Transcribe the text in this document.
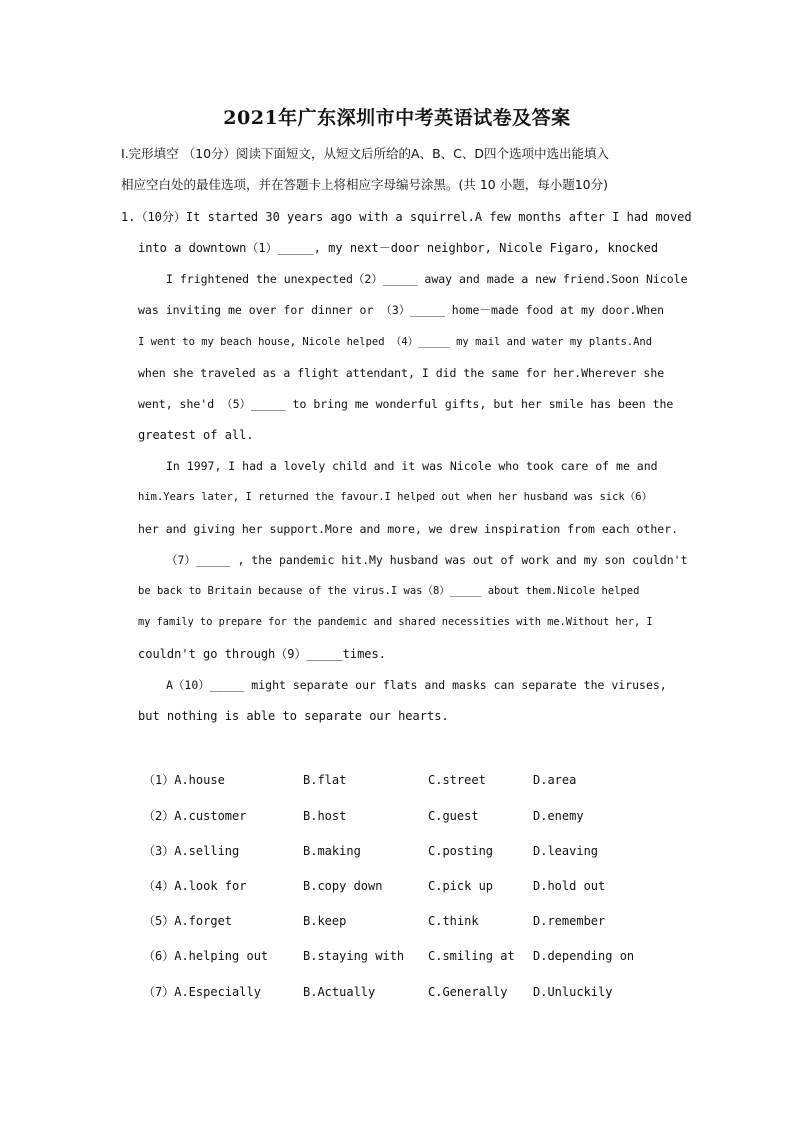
2021年广东深圳市中考英语试卷及答案
Ⅰ.完形填空 （10分）阅读下面短文，从短文后所给的A、B、C、D四个选项中选出能填入
相应空白处的最佳选项，并在答题卡上将相应字母编号涂黑。(共 10 小题，每小题10分)
1.（10分）It started 30 years ago with a squirrel.A few months after I had moved
into a downtown（1）_____, my next－door neighbor, Nicole Figaro, knocked
I frightened the unexpected（2）_____ away and made a new friend.Soon Nicole
was inviting me over for dinner or （3）_____ home－made food at my door.When
I went to my beach house, Nicole helped （4）_____ my mail and water my plants.And
when she traveled as a flight attendant, I did the same for her.Wherever she
went, she'd （5）_____ to bring me wonderful gifts, but her smile has been the
greatest of all.
In 1997, I had a lovely child and it was Nicole who took care of me and
him.Years later, I returned the favour.I helped out when her husband was sick（6）
her and giving her support.More and more, we drew inspiration from each other.
（7）_____ , the pandemic hit.My husband was out of work and my son couldn't
be back to Britain because of the virus.I was（8）_____ about them.Nicole helped
my family to prepare for the pandemic and shared necessities with me.Without her, I
couldn't go through（9）_____times.
A（10）_____ might separate our flats and masks can separate the viruses,
but nothing is able to separate our hearts.
（1）A.house	B.flat	C.street	D.area
（2）A.customer	B.host	C.guest	D.enemy
（3）A.selling	B.making	C.posting	D.leaving
（4）A.look for	B.copy down	C.pick up	D.hold out
（5）A.forget	B.keep	C.think	D.remember
（6）A.helping out	B.staying with C.smiling at D.depending on
（7）A.Especially	B.Actually	C.Generally D.Unluckily
